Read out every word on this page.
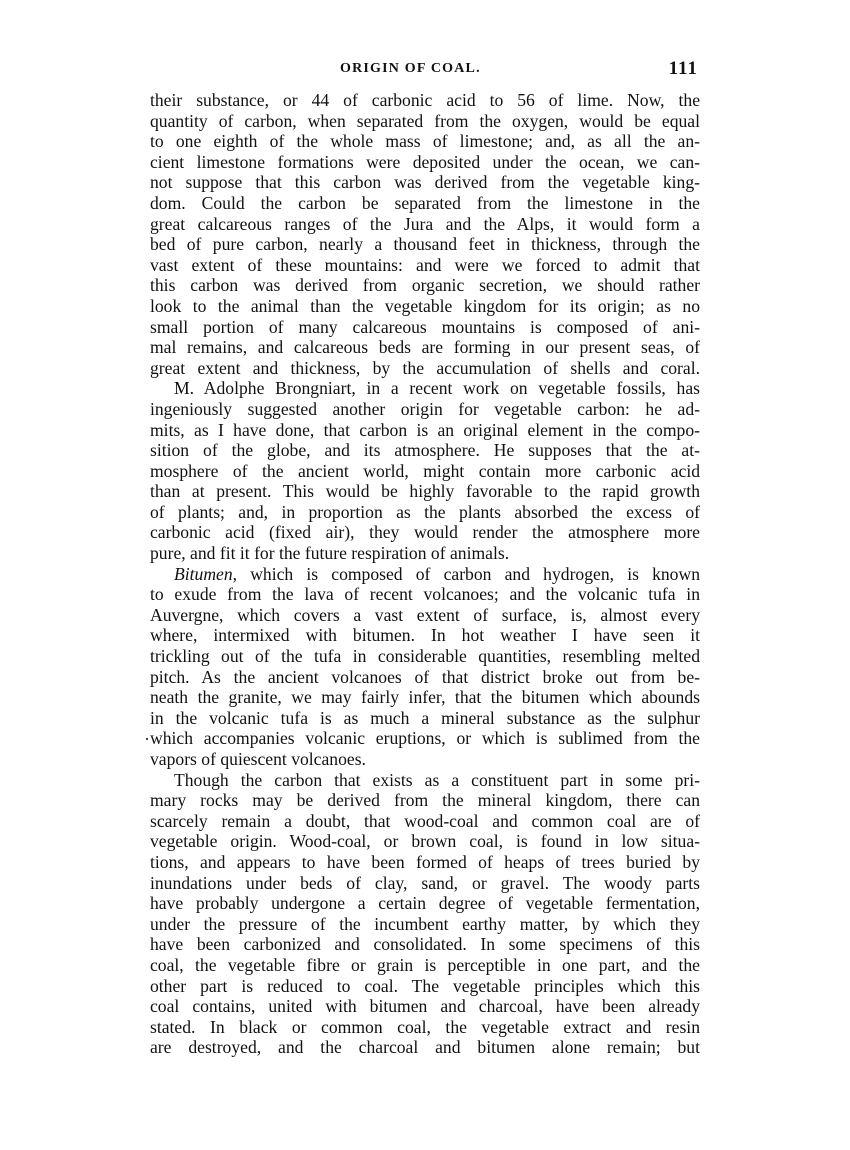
ORIGIN OF COAL.	111
their substance, or 44 of carbonic acid to 56 of lime. Now, the
quantity of carbon, when separated from the oxygen, would be equal
to one eighth of the whole mass of limestone; and, as all the an-
cient limestone formations were deposited under the ocean, we can-
not suppose that this carbon was derived from the vegetable king-
dom. Could the carbon be separated from the limestone in the
great calcareous ranges of the Jura and the Alps, it would form a
bed of pure carbon, nearly a thousand feet in thickness, through the
vast extent of these mountains: and were we forced to admit that
this carbon was derived from organic secretion, we should rather
look to the animal than the vegetable kingdom for its origin; as no
small portion of many calcareous mountains is composed of ani-
mal remains, and calcareous beds are forming in our present seas, of
great extent and thickness, by the accumulation of shells and coral.
M. Adolphe Brongniart, in a recent work on vegetable fossils, has
ingeniously suggested another origin for vegetable carbon: he ad-
mits, as I have done, that carbon is an original element in the compo-
sition of the globe, and its atmosphere. He supposes that the at-
mosphere of the ancient world, might contain more carbonic acid
than at present. This would be highly favorable to the rapid growth
of plants; and, in proportion as the plants absorbed the excess of
carbonic acid (fixed air), they would render the atmosphere more
pure, and fit it for the future respiration of animals.
Bitumen, which is composed of carbon and hydrogen, is known
to exude from the lava of recent volcanoes; and the volcanic tufa in
Auvergne, which covers a vast extent of surface, is, almost every
where, intermixed with bitumen. In hot weather I have seen it
trickling out of the tufa in considerable quantities, resembling melted
pitch. As the ancient volcanoes of that district broke out from be-
neath the granite, we may fairly infer, that the bitumen which abounds
in the volcanic tufa is as much a mineral substance as the sulphur
which accompanies volcanic eruptions, or which is sublimed from the
vapors of quiescent volcanoes.
Though the carbon that exists as a constituent part in some pri-
mary rocks may be derived from the mineral kingdom, there can
scarcely remain a doubt, that wood-coal and common coal are of
vegetable origin. Wood-coal, or brown coal, is found in low situa-
tions, and appears to have been formed of heaps of trees buried by
inundations under beds of clay, sand, or gravel. The woody parts
have probably undergone a certain degree of vegetable fermentation,
under the pressure of the incumbent earthy matter, by which they
have been carbonized and consolidated. In some specimens of this
coal, the vegetable fibre or grain is perceptible in one part, and the
other part is reduced to coal. The vegetable principles which this
coal contains, united with bitumen and charcoal, have been already
stated. In black or common coal, the vegetable extract and resin
are destroyed, and the charcoal and bitumen alone remain; but
